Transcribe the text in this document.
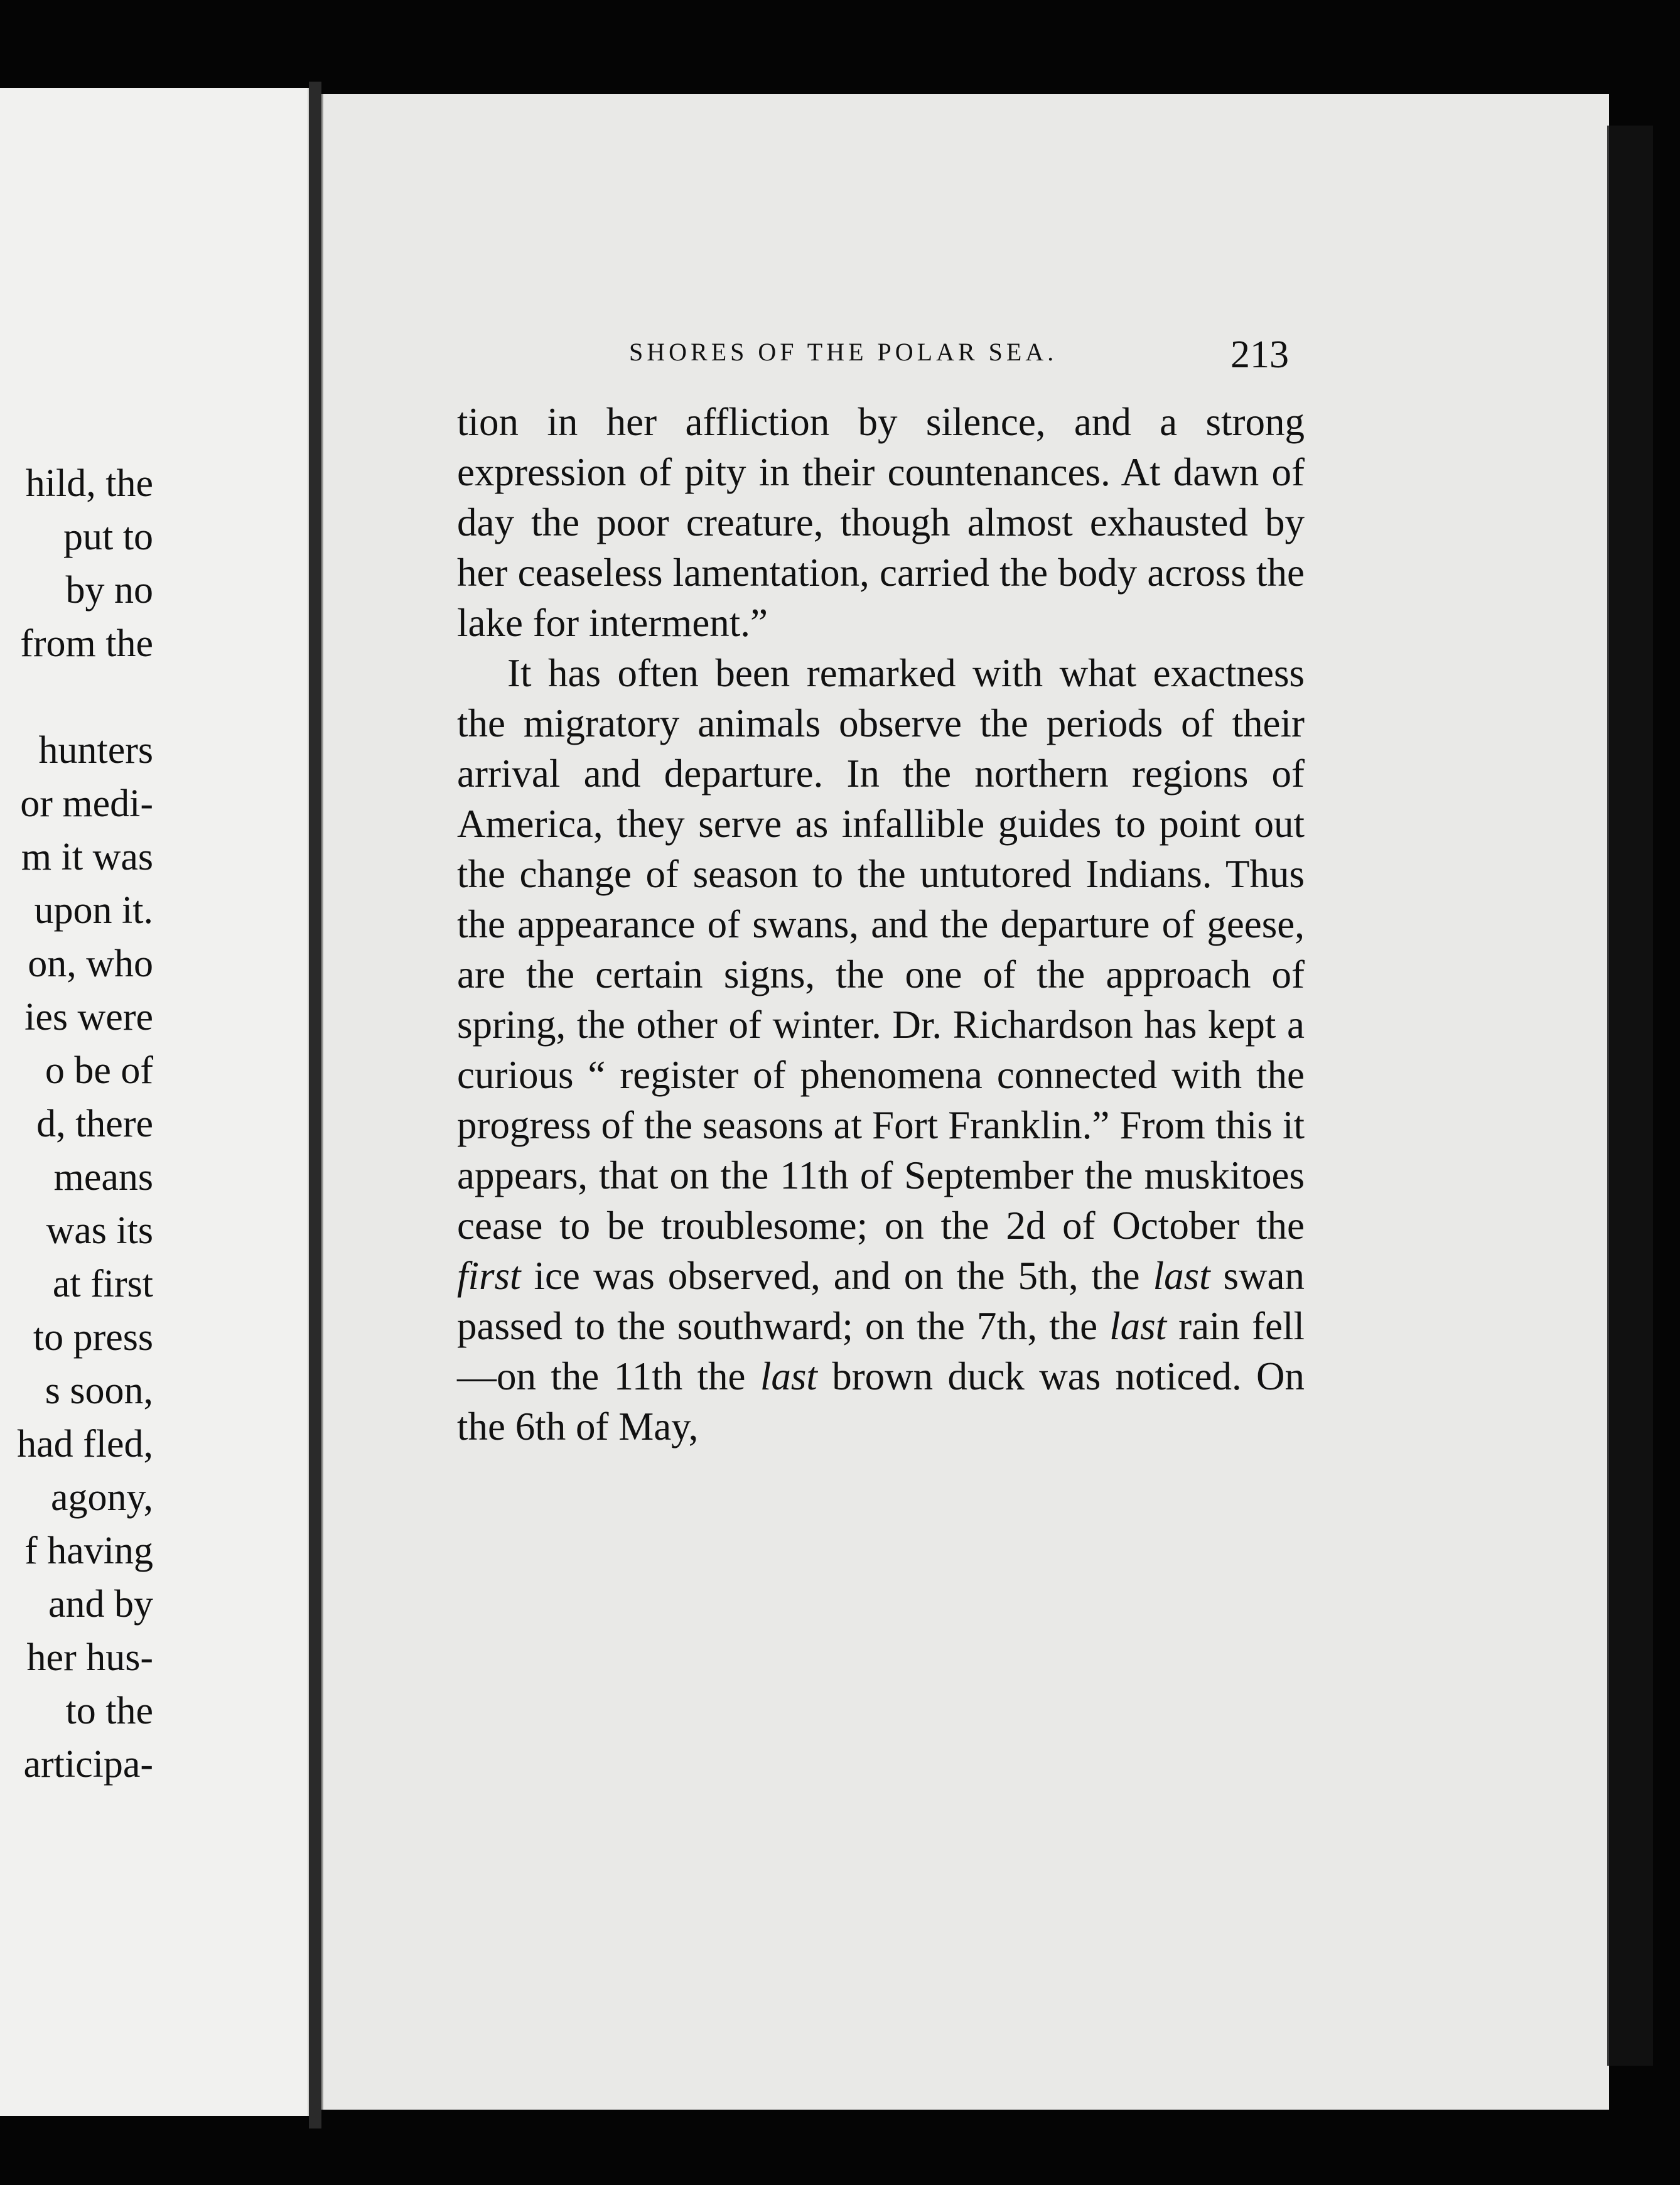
hild, the
put to
by no
from the

hunters
or medi-
m it was
upon it.
on, who
ies were
o be of
d, there
means
was its
at first
to press
s soon,
had fled,
agony,
f having
and by
her hus-
to the
articipa-
SHORES OF THE POLAR SEA.	213

tion in her affliction by silence, and a strong expression of pity in their countenances. At dawn of day the poor creature, though almost exhausted by her ceaseless lamentation, carried the body across the lake for interment.”

It has often been remarked with what exactness the migratory animals observe the periods of their arrival and departure. In the northern regions of America, they serve as infallible guides to point out the change of season to the untutored Indians. Thus the appearance of swans, and the departure of geese, are the certain signs, the one of the approach of spring, the other of winter. Dr. Richardson has kept a curious “ register of phenomena connected with the progress of the seasons at Fort Franklin.” From this it appears, that on the 11th of September the muskitoes cease to be troublesome; on the 2d of October the first ice was observed, and on the 5th, the last swan passed to the southward; on the 7th, the last rain fell—on the 11th the last brown duck was noticed. On the 6th of May,
